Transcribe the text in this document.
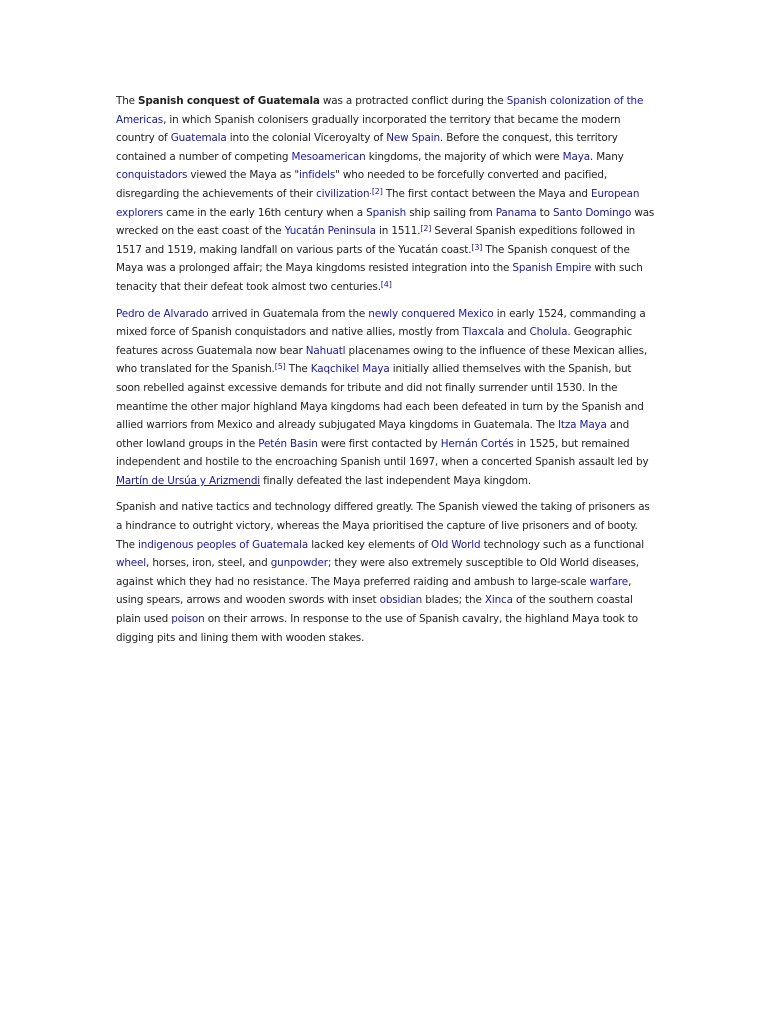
The Spanish conquest of Guatemala was a protracted conflict during the Spanish colonization of the Americas, in which Spanish colonisers gradually incorporated the territory that became the modern country of Guatemala into the colonial Viceroyalty of New Spain. Before the conquest, this territory contained a number of competing Mesoamerican kingdoms, the majority of which were Maya. Many conquistadors viewed the Maya as "infidels" who needed to be forcefully converted and pacified, disregarding the achievements of their civilization$^{.[2]}$ The first contact between the Maya and European explorers came in the early 16th century when a Spanish ship sailing from Panama to Santo Domingo was wrecked on the east coast of the Yucatán Peninsula in 1511.[2] Several Spanish expeditions followed in 1517 and 1519, making landfall on various parts of the Yucatán coast.[3] The Spanish conquest of the Maya was a prolonged affair; the Maya kingdoms resisted integration into the Spanish Empire with such tenacity that their defeat took almost two centuries.[4]

Pedro de Alvarado arrived in Guatemala from the newly conquered Mexico in early 1524, commanding a mixed force of Spanish conquistadors and native allies, mostly from Tlaxcala and Cholula. Geographic features across Guatemala now bear Nahuatl placenames owing to the influence of these Mexican allies, who translated for the Spanish.[5] The Kaqchikel Maya initially allied themselves with the Spanish, but soon rebelled against excessive demands for tribute and did not finally surrender until 1530. In the meantime the other major highland Maya kingdoms had each been defeated in turn by the Spanish and allied warriors from Mexico and already subjugated Maya kingdoms in Guatemala. The Itza Maya and other lowland groups in the Petén Basin were first contacted by Hernán Cortés in 1525, but remained independent and hostile to the encroaching Spanish until 1697, when a concerted Spanish assault led by Martín de Ursúa y Arizmendi finally defeated the last independent Maya kingdom.

Spanish and native tactics and technology differed greatly. The Spanish viewed the taking of prisoners as a hindrance to outright victory, whereas the Maya prioritised the capture of live prisoners and of booty. The indigenous peoples of Guatemala lacked key elements of Old World technology such as a functional wheel, horses, iron, steel, and gunpowder; they were also extremely susceptible to Old World diseases, against which they had no resistance. The Maya preferred raiding and ambush to large-scale warfare, using spears, arrows and wooden swords with inset obsidian blades; the Xinca of the southern coastal plain used poison on their arrows. In response to the use of Spanish cavalry, the highland Maya took to digging pits and lining them with wooden stakes.
